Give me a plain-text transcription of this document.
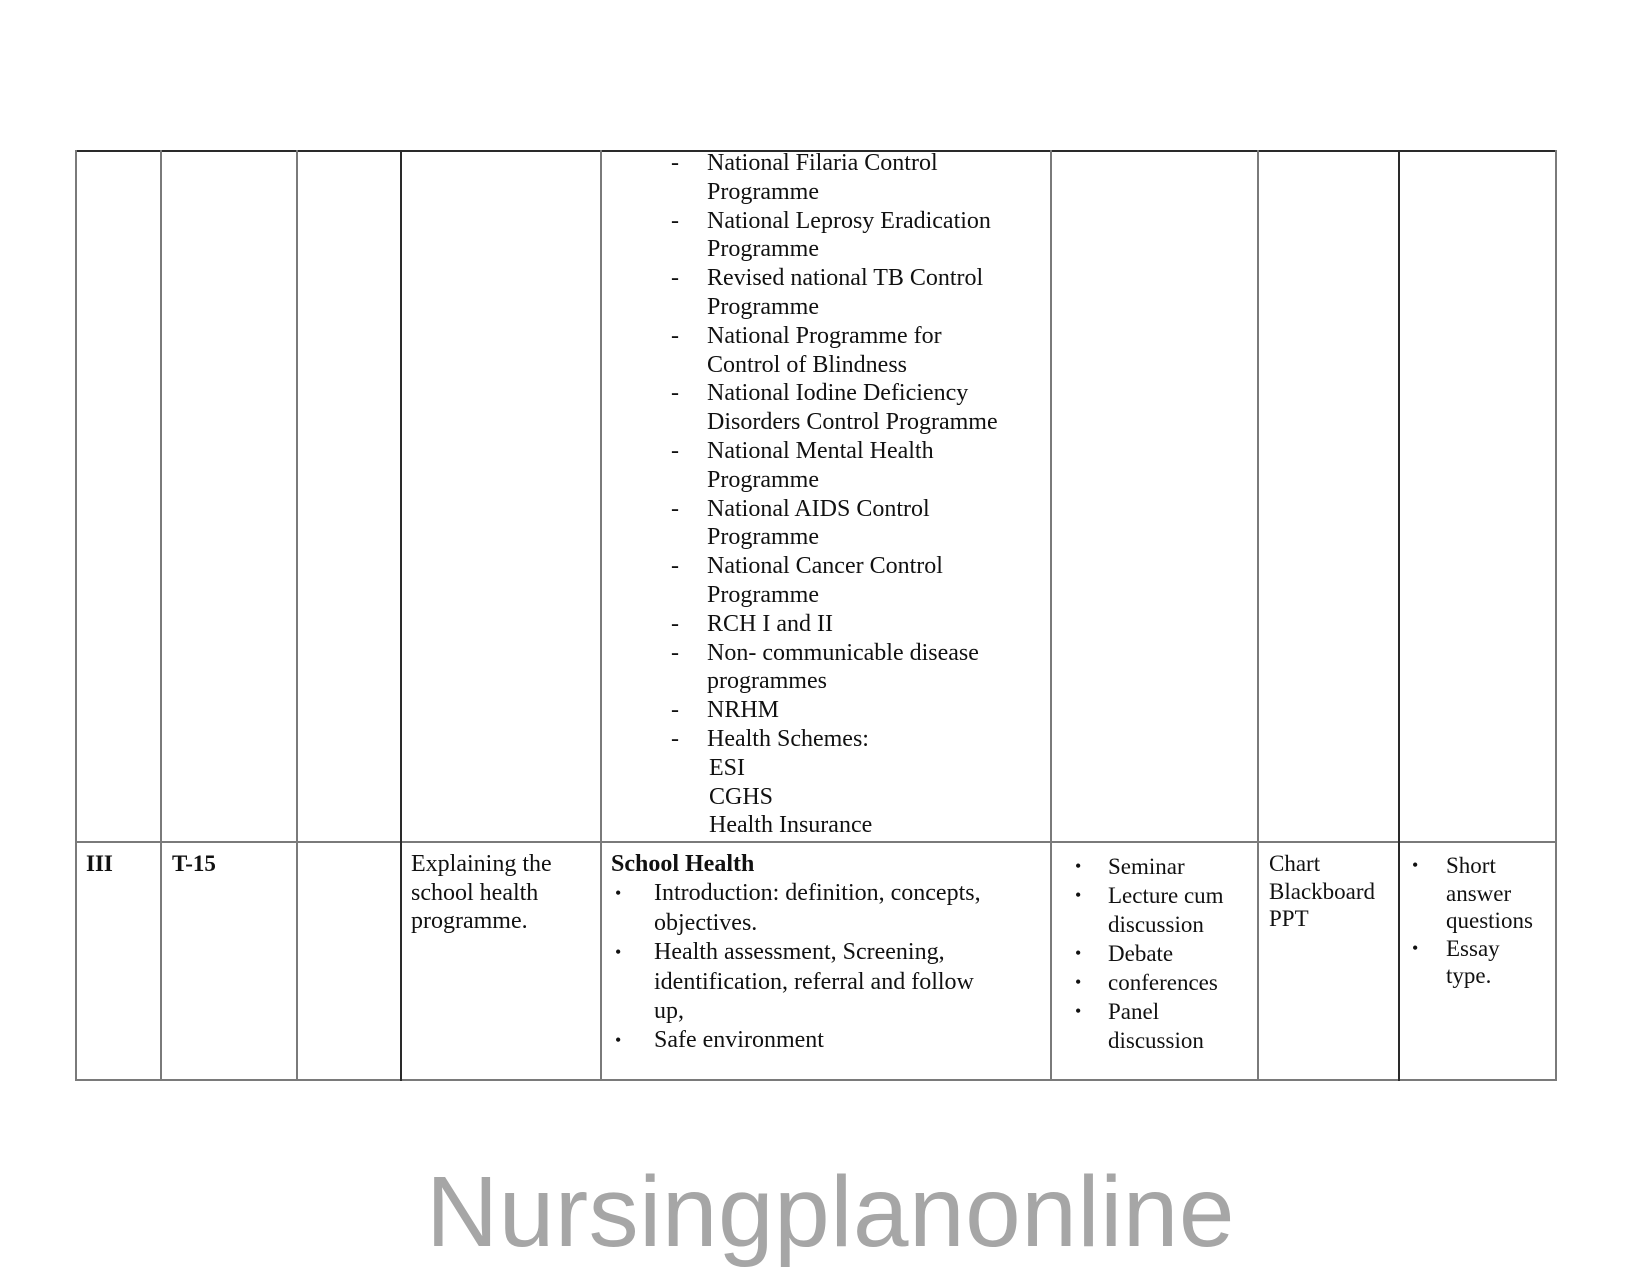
- National Filaria Control
Programme
- National Leprosy Eradication
Programme
- Revised national TB Control
Programme
- National Programme for
Control of Blindness
- National Iodine Deficiency
Disorders Control Programme
- National Mental Health
Programme
- National AIDS Control
Programme
- National Cancer Control
Programme
- RCH I and II
- Non- communicable disease
programmes
- NRHM
- Health Schemes:
ESI
CGHS
Health Insurance
III	T-15	Explaining the
school health
programme.
School Health
• Introduction: definition, concepts,
objectives.
• Health assessment, Screening,
identification, referral and follow
up,
• Safe environment
• Seminar
• Lecture cum
discussion
• Debate
• conferences
• Panel
discussion
Chart
Blackboard
PPT
• Short
answer
questions
• Essay
type.
Nursingplanonline
